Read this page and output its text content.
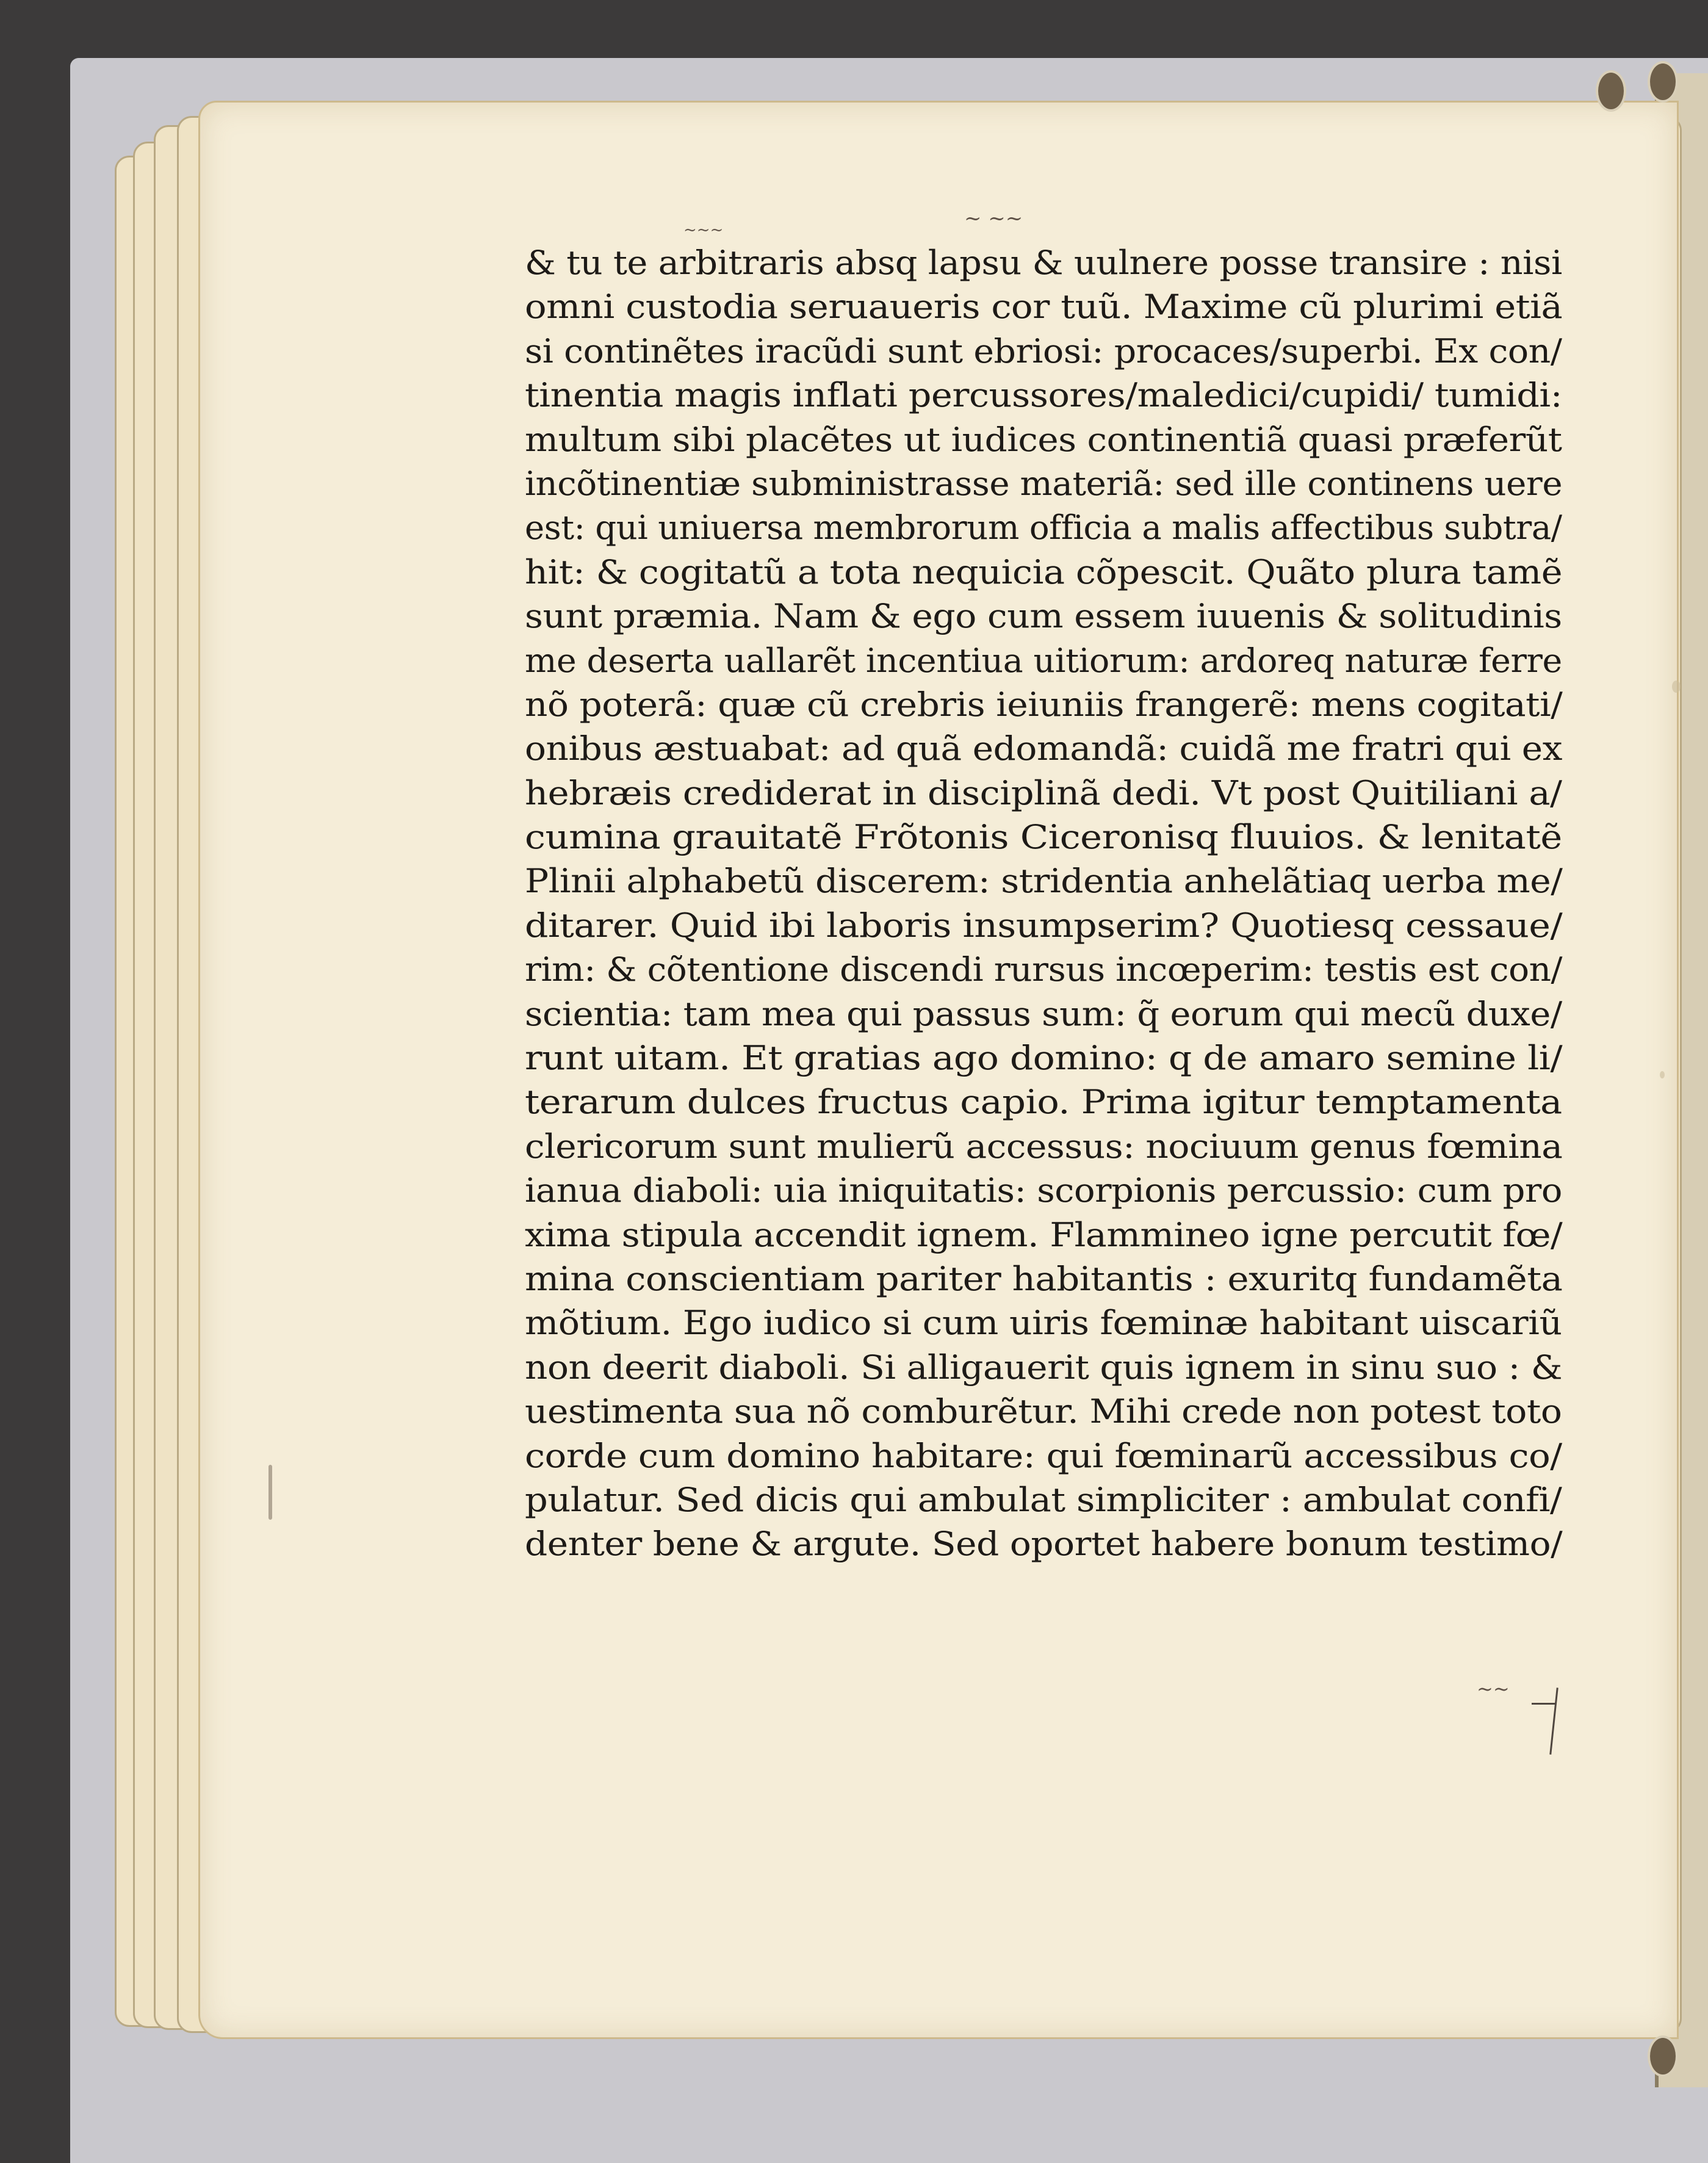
~~~	~ ~~
~~
& tu te arbitraris absq lapsu & uulnere posse transire : nisi
omni custodia seruaueris cor tuũ. Maxime cũ plurimi etiã
si continẽtes iracũdi sunt ebriosi: procaces/superbi. Ex con/
tinentia magis inflati percussores/maledici/cupidi/ tumidi:
multum sibi placẽtes ut iudices continentiã quasi præferũt
incõtinentiæ subministrasse materiã: sed ille continens uere
est: qui uniuersa membrorum officia a malis affectibus subtra/
hit: & cogitatũ a tota nequicia cõpescit. Quãto plura tamẽ
sunt præmia. Nam & ego cum essem iuuenis & solitudinis
me deserta uallarẽt incentiua uitiorum: ardoreq naturæ ferre
nõ poterã: quæ cũ crebris ieiuniis frangerẽ: mens cogitati/
onibus æstuabat: ad quã edomandã: cuidã me fratri qui ex
hebræis crediderat in disciplinã dedi. Vt post Quitiliani a/
cumina grauitatẽ Frõtonis Ciceronisq fluuios. & lenitatẽ
Plinii alphabetũ discerem: stridentia anhelãtiaq uerba me/
ditarer. Quid ibi laboris insumpserim? Quotiesq cessaue/
rim: & cõtentione discendi rursus incœperim: testis est con/
scientia: tam mea qui passus sum: q̃ eorum qui mecũ duxe/
runt uitam. Et gratias ago domino: q de amaro semine li/
terarum dulces fructus capio. Prima igitur temptamenta
clericorum sunt mulierũ accessus: nociuum genus fœmina
ianua diaboli: uia iniquitatis: scorpionis percussio: cum pro
xima stipula accendit ignem. Flammineo igne percutit fœ/
mina conscientiam pariter habitantis : exuritq fundamẽta
mõtium. Ego iudico si cum uiris fœminæ habitant uiscariũ
non deerit diaboli. Si alligauerit quis ignem in sinu suo : &
uestimenta sua nõ comburẽtur. Mihi crede non potest toto
corde cum domino habitare: qui fœminarũ accessibus co/
pulatur. Sed dicis qui ambulat simpliciter : ambulat confi/
denter bene & argute. Sed oportet habere bonum testimo/
